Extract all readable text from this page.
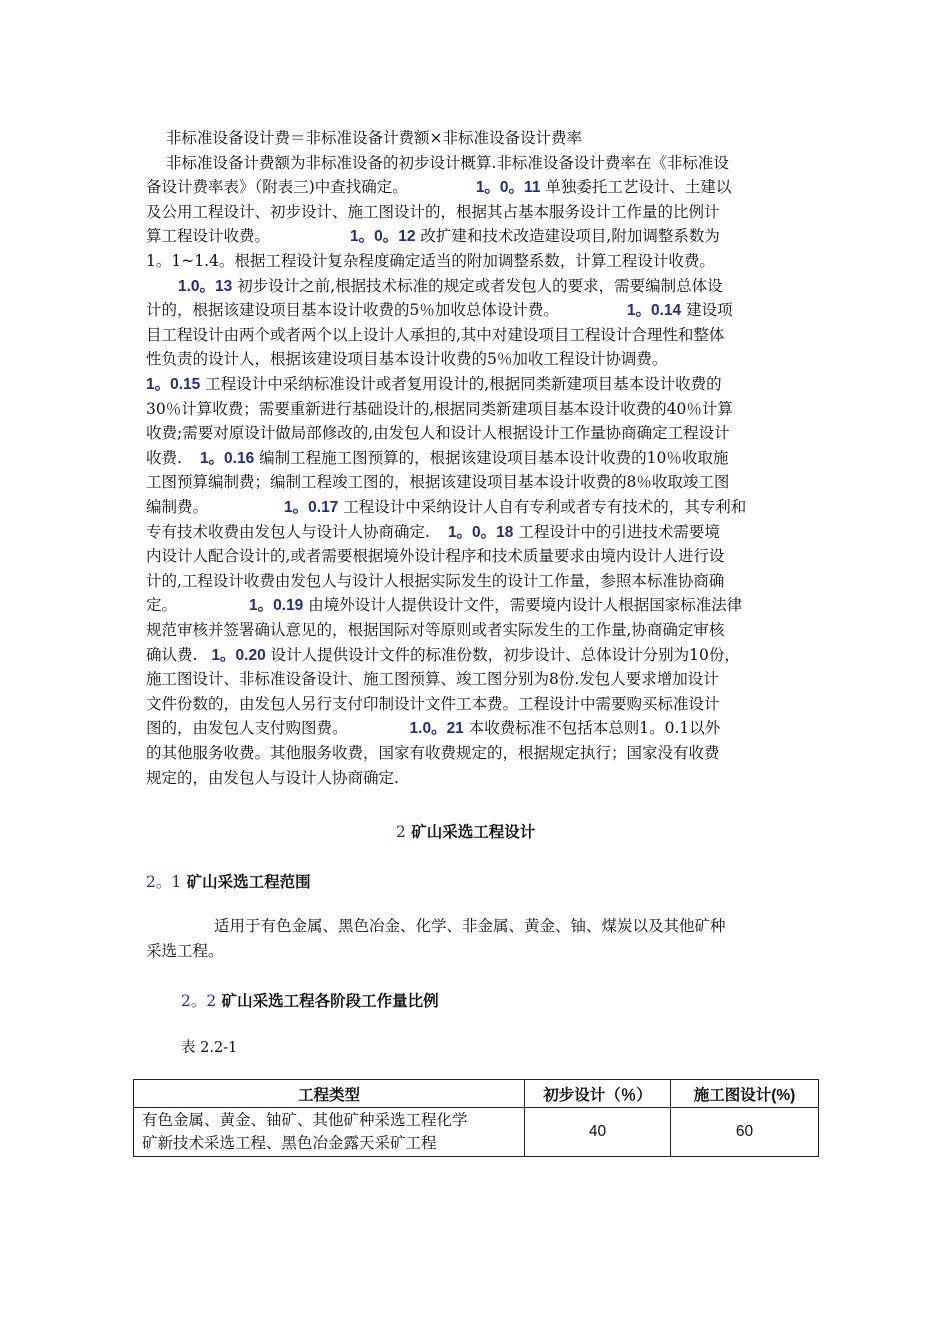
非标准设备设计费＝非标准设备计费额×非标准设备设计费率
非标准设备计费额为非标准设备的初步设计概算.非标准设备设计费率在《非标准设
备设计费率表》（附表三)中查找确定。	1。0。11 单独委托工艺设计、土建以
及公用工程设计、初步设计、施工图设计的，根据其占基本服务设计工作量的比例计
算工程设计收费。	1。0。12 改扩建和技术改造建设项目,附加调整系数为
1。1~1.4。根据工程设计复杂程度确定适当的附加调整系数，计算工程设计收费。
1.0。13 初步设计之前,根据技术标准的规定或者发包人的要求，需要编制总体设
计的，根据该建设项目基本设计收费的5％加收总体设计费。	1。0.14 建设项
目工程设计由两个或者两个以上设计人承担的,其中对建设项目工程设计合理性和整体
性负责的设计人，根据该建设项目基本设计收费的5％加收工程设计协调费。
1。0.15 工程设计中采纳标准设计或者复用设计的,根据同类新建项目基本设计收费的
30％计算收费；需要重新进行基础设计的,根据同类新建项目基本设计收费的40％计算
收费;需要对原设计做局部修改的,由发包人和设计人根据设计工作量协商确定工程设计
收费. 1。0.16 编制工程施工图预算的，根据该建设项目基本设计收费的10％收取施
工图预算编制费；编制工程竣工图的，根据该建设项目基本设计收费的8％收取竣工图
编制费。	1。0.17 工程设计中采纳设计人自有专利或者专有技术的，其专利和
专有技术收费由发包人与设计人协商确定. 1。0。18 工程设计中的引进技术需要境
内设计人配合设计的,或者需要根据境外设计程序和技术质量要求由境内设计人进行设
计的,工程设计收费由发包人与设计人根据实际发生的设计工作量，参照本标准协商确
定。	1。0.19 由境外设计人提供设计文件，需要境内设计人根据国家标准法律
规范审核并签署确认意见的，根据国际对等原则或者实际发生的工作量,协商确定审核
确认费. 1。0.20 设计人提供设计文件的标准份数，初步设计、总体设计分别为10份，
施工图设计、非标准设备设计、施工图预算、竣工图分别为8份.发包人要求增加设计
文件份数的，由发包人另行支付印制设计文件工本费。工程设计中需要购买标准设计
图的，由发包人支付购图费。	1.0。21 本收费标准不包括本总则1。0.1以外
的其他服务收费。其他服务收费，国家有收费规定的，根据规定执行；国家没有收费
规定的，由发包人与设计人协商确定.
2 矿山采选工程设计
2。1 矿山采选工程范围
适用于有色金属、黑色冶金、化学、非金属、黄金、铀、煤炭以及其他矿种
采选工程。
2。2 矿山采选工程各阶段工作量比例
表 2.2-1
工程类型	初步设计（％）	施工图设计(%)

有色金属、黄金、铀矿、其他矿种采选工程化学
矿新技术采选工程、黑色冶金露天采矿工程	40	60
